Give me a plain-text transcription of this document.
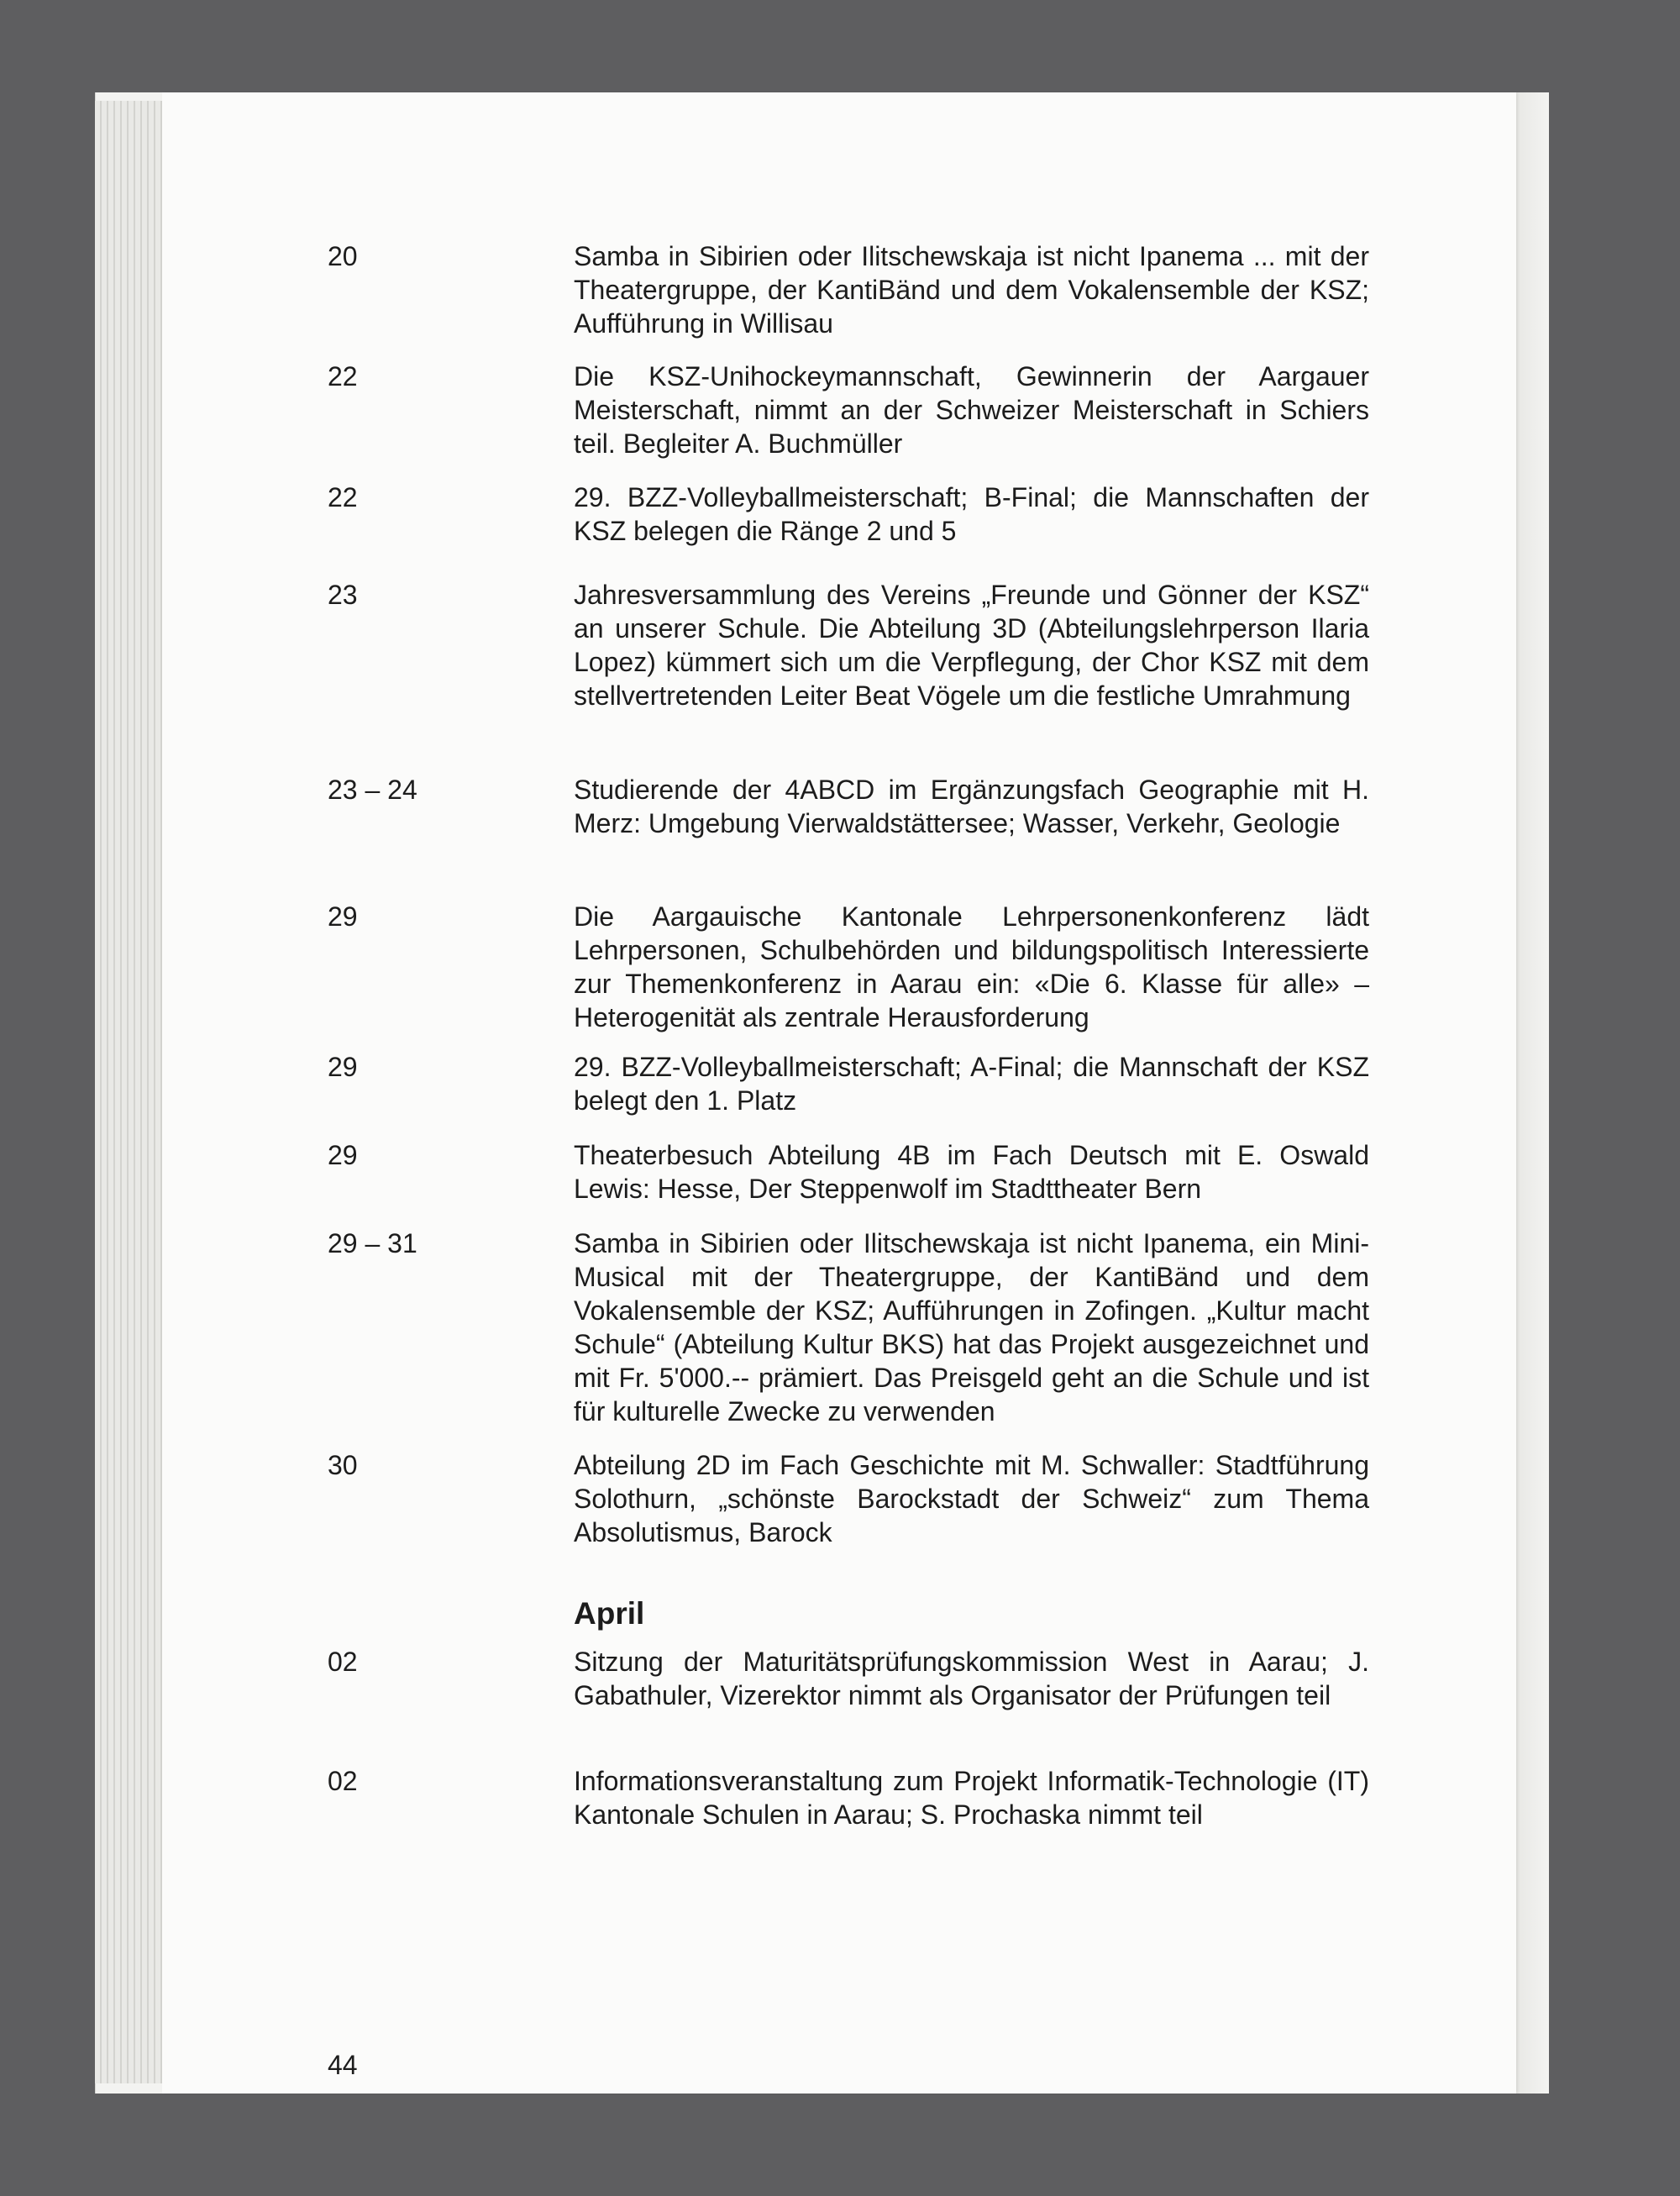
20	Samba in Sibirien oder Ilitschewskaja ist nicht Ipanema ... mit der Theatergruppe, der KantiBänd und dem Vokalensemble der KSZ; Aufführung in Willisau
22	Die KSZ-Unihockeymannschaft, Gewinnerin der Aargauer Meisterschaft, nimmt an der Schweizer Meisterschaft in Schiers teil. Begleiter A. Buchmüller
22	29. BZZ-Volleyballmeisterschaft; B-Final; die Mannschaften der KSZ belegen die Ränge 2 und 5
23	Jahresversammlung des Vereins „Freunde und Gönner der KSZ“ an unserer Schule. Die Abteilung 3D (Abteilungslehrperson Ilaria Lopez) kümmert sich um die Verpflegung, der Chor KSZ mit dem stellvertretenden Leiter Beat Vögele um die festliche Umrahmung
23 – 24	Studierende der 4ABCD im Ergänzungsfach Geographie mit H. Merz: Umgebung Vierwaldstättersee; Wasser, Verkehr, Geologie
29	Die Aargauische Kantonale Lehrpersonenkonferenz lädt Lehrpersonen, Schulbehörden und bildungspolitisch Interessierte zur Themenkonferenz in Aarau ein: «Die 6. Klasse für alle» – Heterogenität als zentrale Herausforderung
29	29. BZZ-Volleyballmeisterschaft; A-Final; die Mannschaft der KSZ belegt den 1. Platz
29	Theaterbesuch Abteilung 4B im Fach Deutsch mit E. Oswald Lewis: Hesse, Der Steppenwolf im Stadttheater Bern
29 – 31	Samba in Sibirien oder Ilitschewskaja ist nicht Ipanema, ein Mini-Musical mit der Theatergruppe, der KantiBänd und dem Vokalensemble der KSZ; Aufführungen in Zofingen. „Kultur macht Schule“ (Abteilung Kultur BKS) hat das Projekt ausgezeichnet und mit Fr. 5'000.-- prämiert. Das Preisgeld geht an die Schule und ist für kulturelle Zwecke zu verwenden
30	Abteilung 2D im Fach Geschichte mit M. Schwaller: Stadtführung Solothurn, „schönste Barockstadt der Schweiz“ zum Thema Absolutismus, Barock
April
02	Sitzung der Maturitätsprüfungskommission West in Aarau; J. Gabathuler, Vizerektor nimmt als Organisator der Prüfungen teil
02	Informationsveranstaltung zum Projekt Informatik-Technologie (IT) Kantonale Schulen in Aarau; S. Prochaska nimmt teil
44
